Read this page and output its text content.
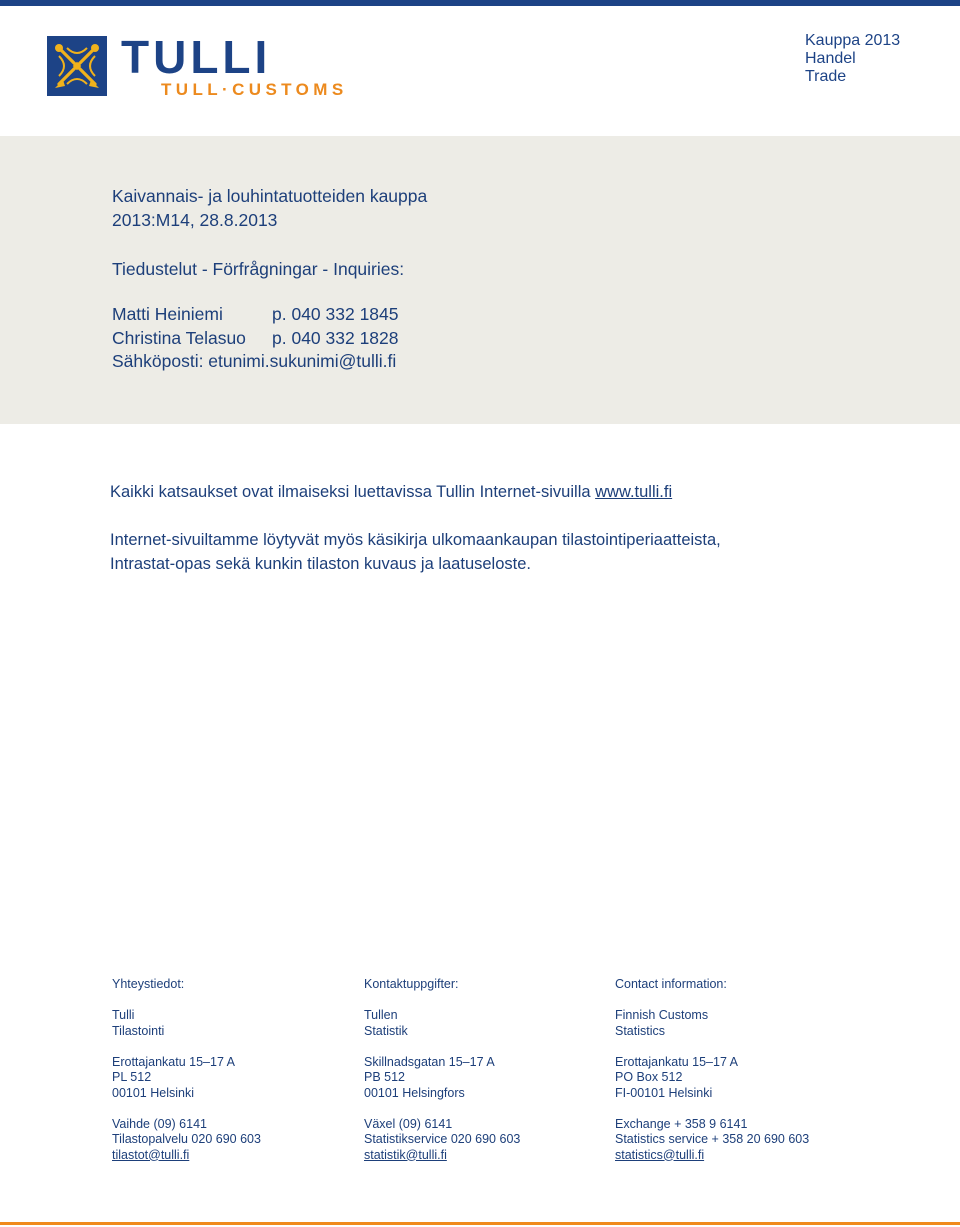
TULLI
TULL·CUSTOMS
Kauppa 2013
Handel
Trade
Kaivannais- ja louhintatuotteiden kauppa
2013:M14, 28.8.2013
Tiedustelut - Förfrågningar - Inquiries:
Matti Heiniemi	p. 040 332 1845
Christina Telasuo p. 040 332 1828
Sähköposti: etunimi.sukunimi@tulli.fi
Kaikki katsaukset ovat ilmaiseksi luettavissa Tullin Internet-sivuilla www.tulli.fi
Internet-sivuiltamme löytyvät myös käsikirja ulkomaankaupan tilastointiperiaatteista,
Intrastat-opas sekä kunkin tilaston kuvaus ja laatuseloste.
Yhteystiedot:
Tulli
Tilastointi
Erottajankatu 15–17 A
PL 512
00101 Helsinki
Vaihde (09) 6141
Tilastopalvelu 020 690 603
tilastot@tulli.fi
Kontaktuppgifter:
Tullen
Statistik
Skillnadsgatan 15–17 A
PB 512
00101 Helsingfors
Växel (09) 6141
Statistikservice 020 690 603
statistik@tulli.fi
Contact information:
Finnish Customs
Statistics
Erottajankatu 15–17 A
PO Box 512
FI-00101 Helsinki
Exchange + 358 9 6141
Statistics service + 358 20 690 603
statistics@tulli.fi
